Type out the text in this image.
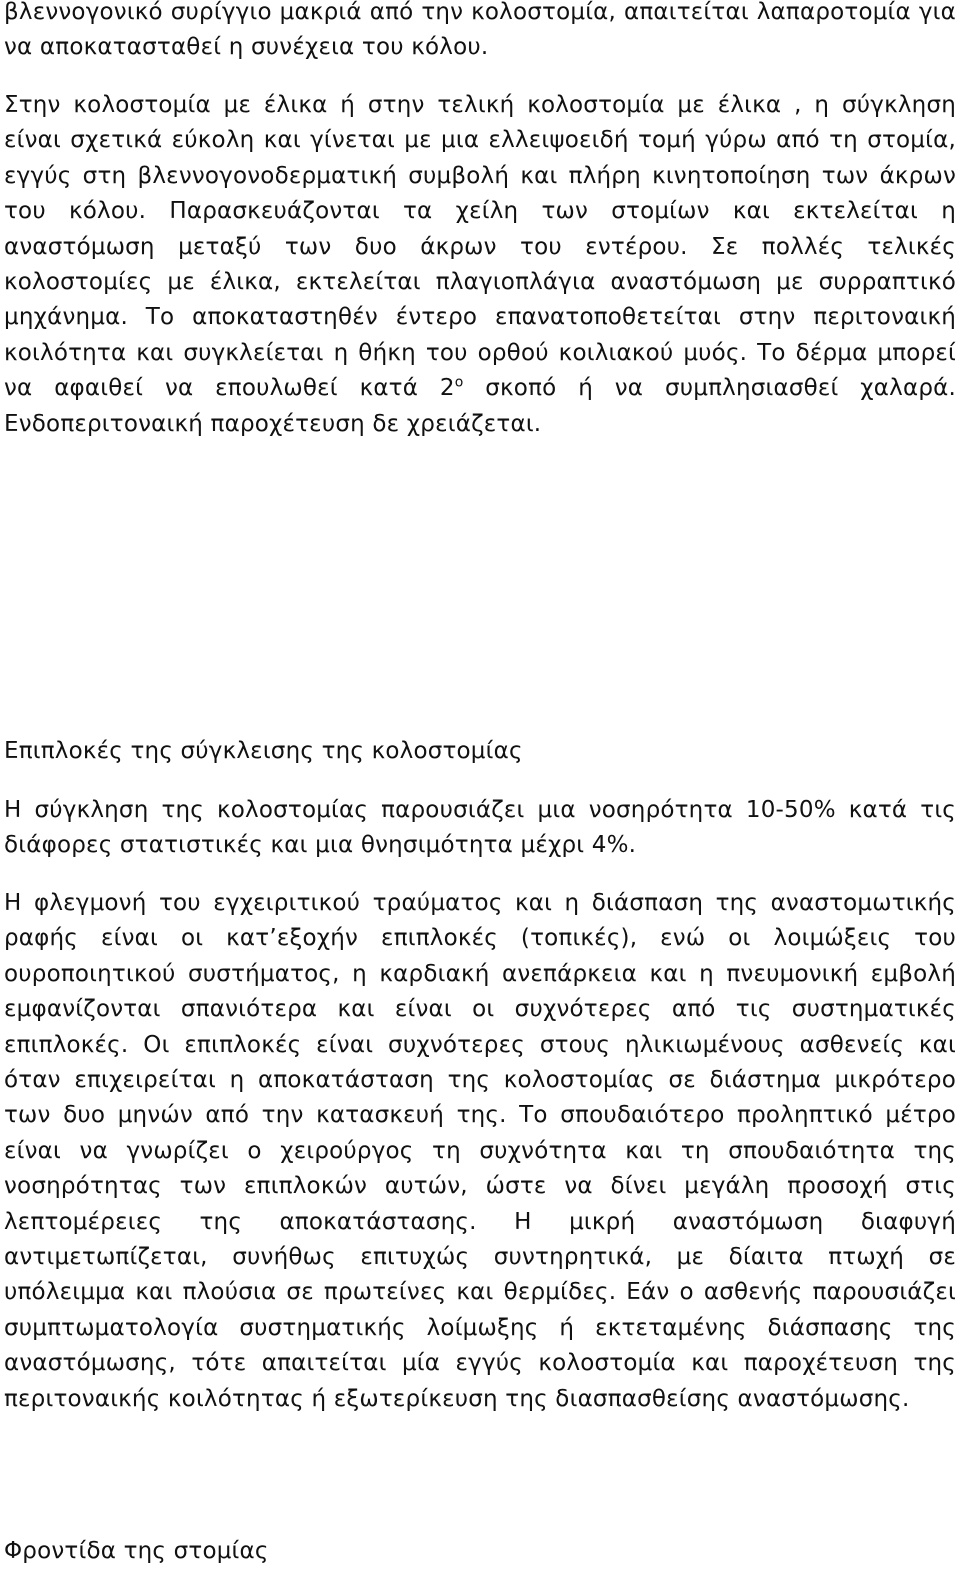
βλεννογονικό συρίγγιο μακριά από την κολοστομία, απαιτείται λαπαροτομία για να αποκατασταθεί η συνέχεια του κόλου.

Στην κολοστομία με έλικα ή στην τελική κολοστομία με έλικα , η σύγκληση είναι σχετικά εύκολη και γίνεται με μια ελλειψοειδή τομή γύρω από τη στομία, εγγύς στη βλεννογονοδερματική συμβολή και πλήρη κινητοποίηση των άκρων του κόλου. Παρασκευάζονται τα χείλη των στομίων και εκτελείται η αναστόμωση μεταξύ των δυο άκρων του εντέρου. Σε πολλές τελικές κολοστομίες με έλικα, εκτελείται πλαγιοπλάγια αναστόμωση με συρραπτικό μηχάνημα. Το αποκαταστηθέν έντερο επανατοποθετείται στην περιτοναική κοιλότητα και συγκλείεται η θήκη του ορθού κοιλιακού μυός. Το δέρμα μπορεί να αφαιθεί να επουλωθεί κατά $2^o$ σκοπό ή να συμπλησιασθεί χαλαρά. Ενδοπεριτοναική παροχέτευση δε χρειάζεται.

Επιπλοκές της σύγκλεισης της κολοστομίας

Η σύγκληση της κολοστομίας παρουσιάζει μια νοσηρότητα 10-50% κατά τις διάφορες στατιστικές και μια θνησιμότητα μέχρι 4%.

Η φλεγμονή του εγχειριτικού τραύματος και η διάσπαση της αναστομωτικής ραφής είναι οι κατ’εξοχήν επιπλοκές (τοπικές), ενώ οι λοιμώξεις του ουροποιητικού συστήματος, η καρδιακή ανεπάρκεια και η πνευμονική εμβολή εμφανίζονται σπανιότερα και είναι οι συχνότερες από τις συστηματικές επιπλοκές. Οι επιπλοκές είναι συχνότερες στους ηλικιωμένους ασθενείς και όταν επιχειρείται η αποκατάσταση της κολοστομίας σε διάστημα μικρότερο των δυο μηνών από την κατασκευή της. Το σπουδαιότερο προληπτικό μέτρο είναι να γνωρίζει ο χειρούργος τη συχνότητα και τη σπουδαιότητα της νοσηρότητας των επιπλοκών αυτών, ώστε να δίνει μεγάλη προσοχή στις λεπτομέρειες της αποκατάστασης. Η μικρή αναστόμωση διαφυγή αντιμετωπίζεται, συνήθως επιτυχώς συντηρητικά, με δίαιτα πτωχή σε υπόλειμμα και πλούσια σε πρωτείνες και θερμίδες. Εάν ο ασθενής παρουσιάζει συμπτωματολογία συστηματικής λοίμωξης ή εκτεταμένης διάσπασης της αναστόμωσης, τότε απαιτείται μία εγγύς κολοστομία και παροχέτευση της περιτοναικής κοιλότητας ή εξωτερίκευση της διασπασθείσης αναστόμωσης.

Φροντίδα της στομίας
